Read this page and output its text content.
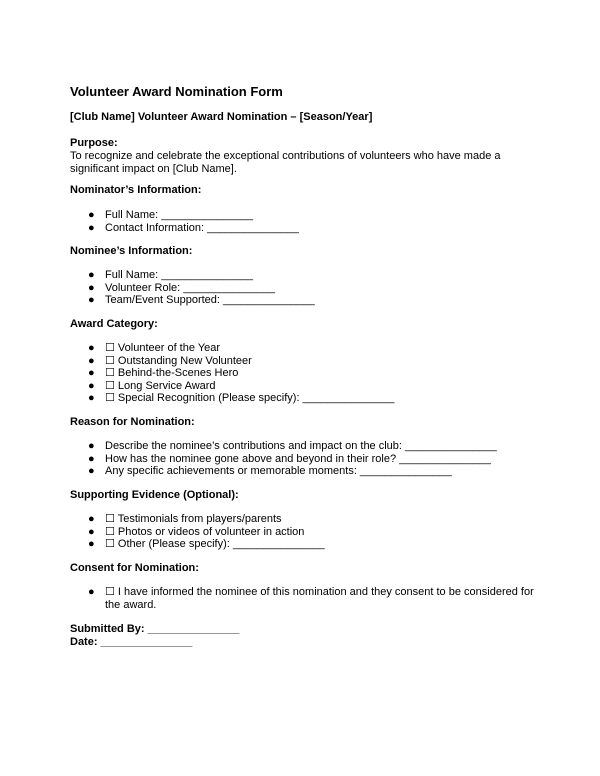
Volunteer Award Nomination Form
[Club Name] Volunteer Award Nomination – [Season/Year]
Purpose:

To recognize and celebrate the exceptional contributions of volunteers who have made a significant impact on [Club Name].

Nominator’s Information:
● Full Name: _______________
● Contact Information: _______________
Nominee’s Information:
● Full Name: _______________
● Volunteer Role: _______________
● Team/Event Supported: _______________
Award Category:
● ☐ Volunteer of the Year
● ☐ Outstanding New Volunteer
● ☐ Behind-the-Scenes Hero
● ☐ Long Service Award
● ☐ Special Recognition (Please specify): _______________
Reason for Nomination:
● Describe the nominee’s contributions and impact on the club: _______________
● How has the nominee gone above and beyond in their role? _______________
● Any specific achievements or memorable moments: _______________
Supporting Evidence (Optional):
● ☐ Testimonials from players/parents
● ☐ Photos or videos of volunteer in action
● ☐ Other (Please specify): _______________
Consent for Nomination:
● ☐ I have informed the nominee of this nomination and they consent to be considered for the award.

Submitted By: _______________

Date: _______________
